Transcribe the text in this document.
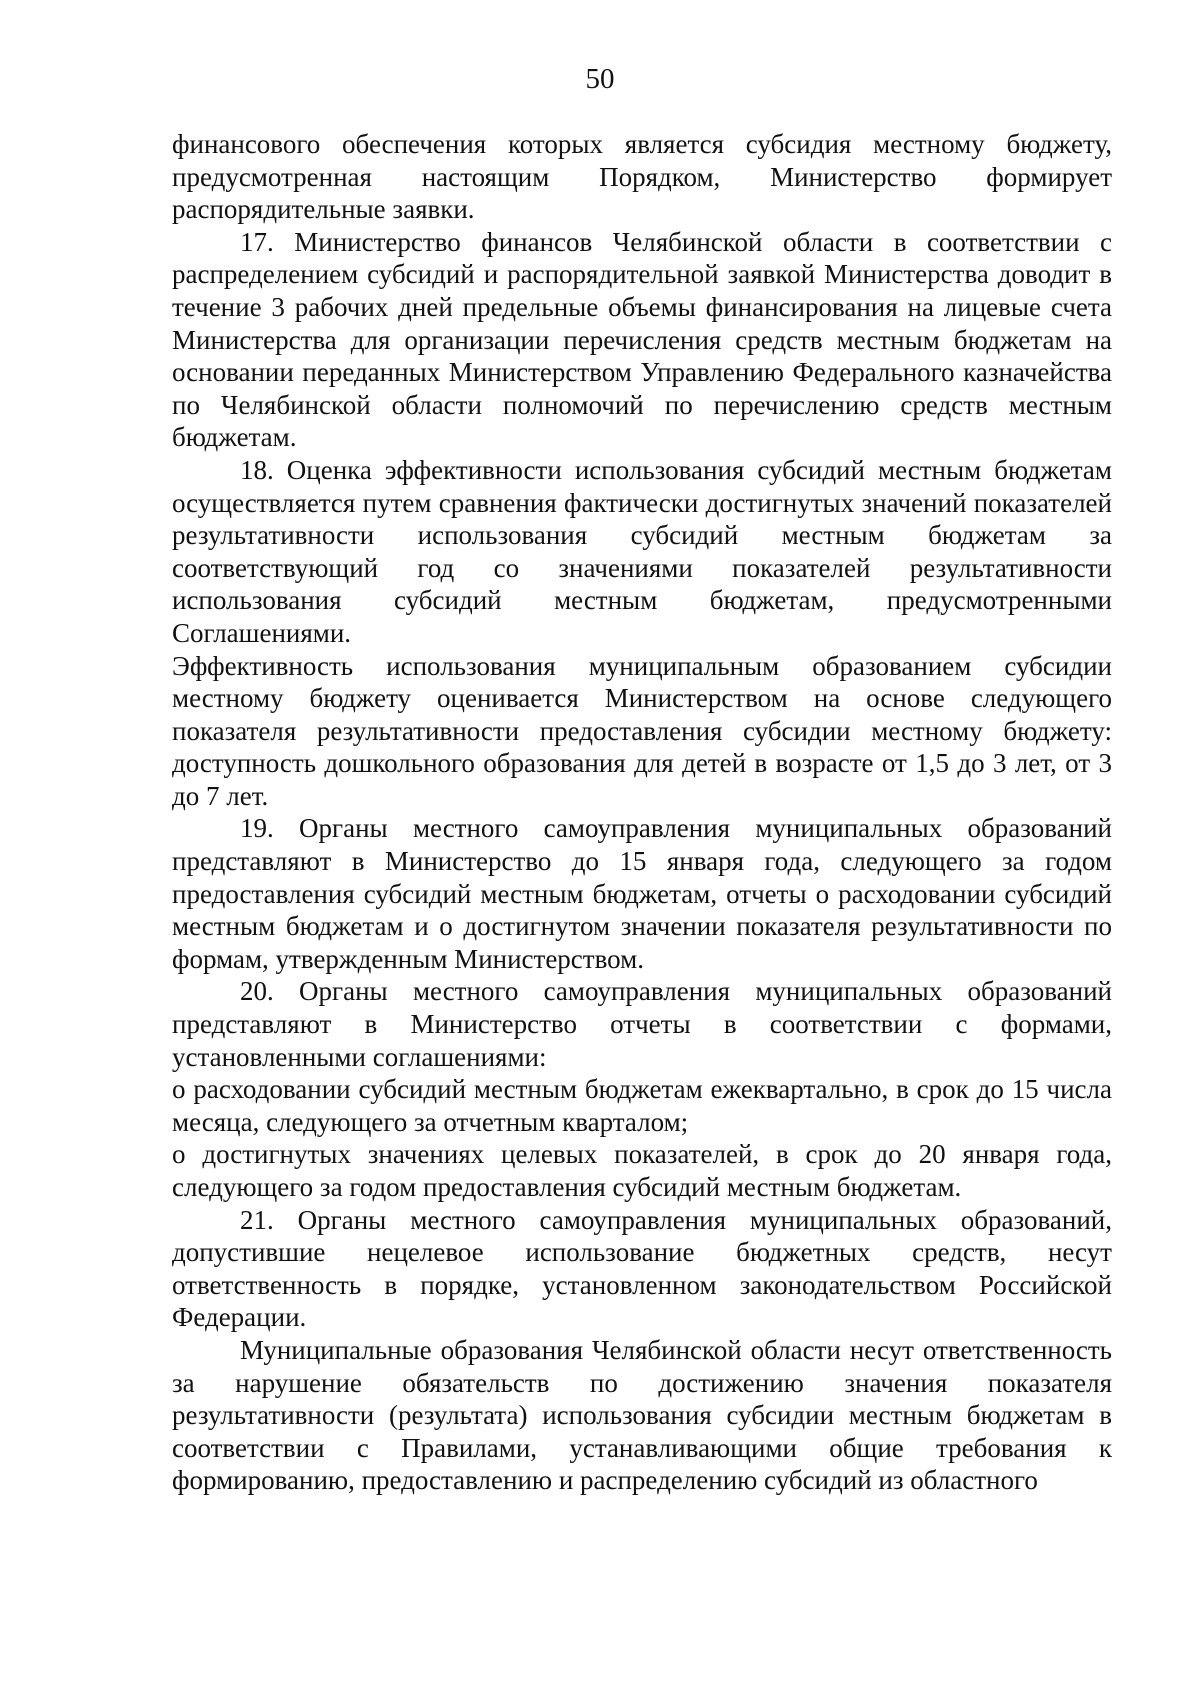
50

финансового обеспечения которых является субсидия местному бюджету, предусмотренная настоящим Порядком, Министерство формирует распорядительные заявки.

17. Министерство финансов Челябинской области в соответствии с распределением субсидий и распорядительной заявкой Министерства доводит в течение 3 рабочих дней предельные объемы финансирования на лицевые счета Министерства для организации перечисления средств местным бюджетам на основании переданных Министерством Управлению Федерального казначейства по Челябинской области полномочий по перечислению средств местным бюджетам.

18. Оценка эффективности использования субсидий местным бюджетам осуществляется путем сравнения фактически достигнутых значений показателей результативности использования субсидий местным бюджетам за соответствующий год со значениями показателей результативности использования субсидий местным бюджетам, предусмотренными Соглашениями.

Эффективность использования муниципальным образованием субсидии местному бюджету оценивается Министерством на основе следующего показателя результативности предоставления субсидии местному бюджету: доступность дошкольного образования для детей в возрасте от 1,5 до 3 лет, от 3 до 7 лет.

19. Органы местного самоуправления муниципальных образований представляют в Министерство до 15 января года, следующего за годом предоставления субсидий местным бюджетам, отчеты о расходовании субсидий местным бюджетам и о достигнутом значении показателя результативности по формам, утвержденным Министерством.

20. Органы местного самоуправления муниципальных образований представляют в Министерство отчеты в соответствии с формами, установленными соглашениями:

о расходовании субсидий местным бюджетам ежеквартально, в срок до 15 числа месяца, следующего за отчетным кварталом;

о достигнутых значениях целевых показателей, в срок до 20 января года, следующего за годом предоставления субсидий местным бюджетам.

21. Органы местного самоуправления муниципальных образований, допустившие нецелевое использование бюджетных средств, несут ответственность в порядке, установленном законодательством Российской Федерации.

Муниципальные образования Челябинской области несут ответственность за нарушение обязательств по достижению значения показателя результативности (результата) использования субсидии местным бюджетам в соответствии с Правилами, устанавливающими общие требования к формированию, предоставлению и распределению субсидий из областного
